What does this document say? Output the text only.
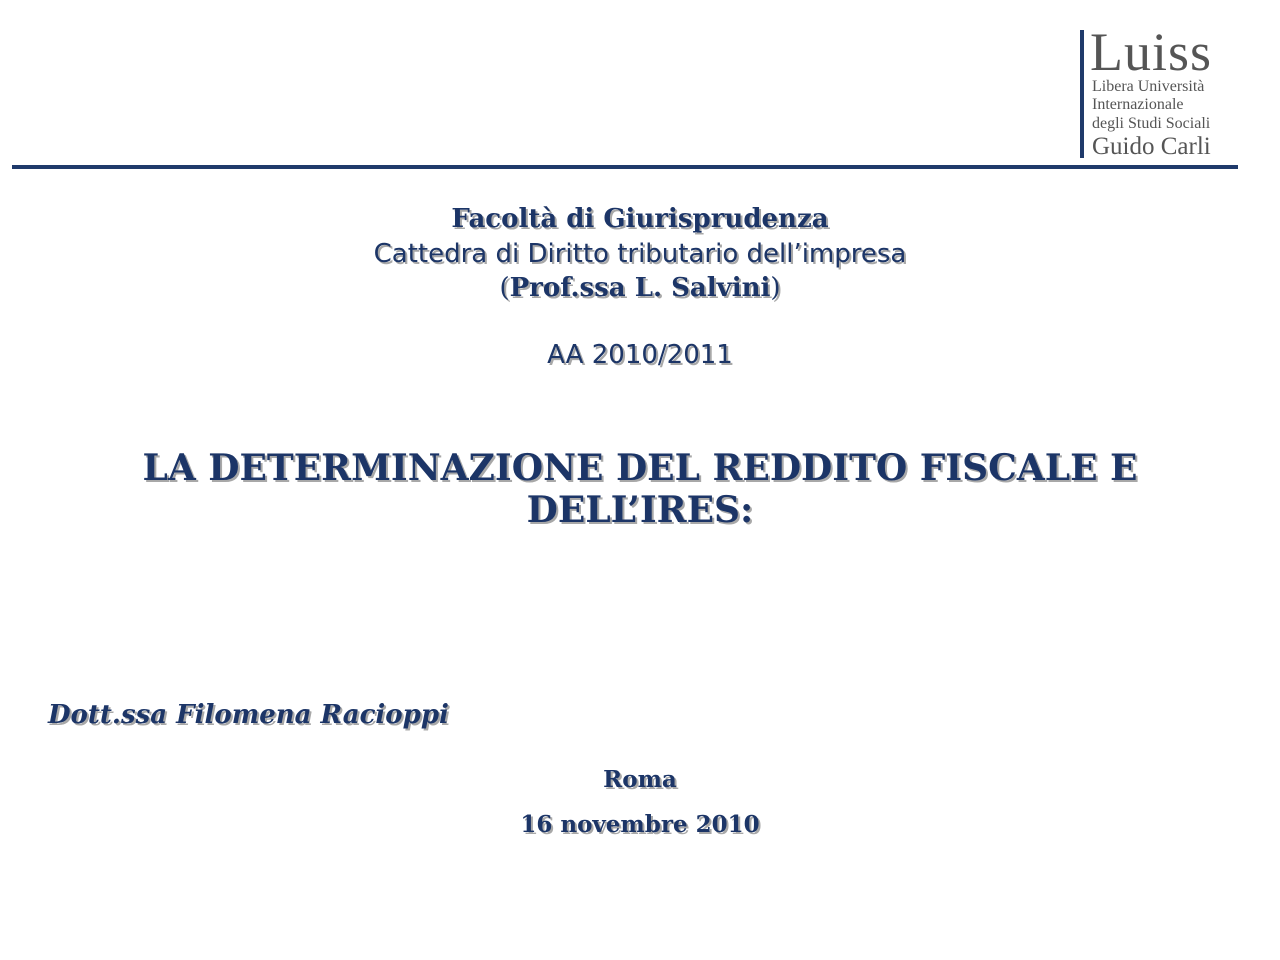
Luiss
Libera Università
Internazionale
degli Studi Sociali
Guido Carli
Facoltà di Giurisprudenza
Cattedra di Diritto tributario dell’impresa
(Prof.ssa L. Salvini)
AA 2010/2011
LA DETERMINAZIONE DEL REDDITO FISCALE E
DELL’IRES:
Dott.ssa Filomena Racioppi
Roma
16 novembre 2010
